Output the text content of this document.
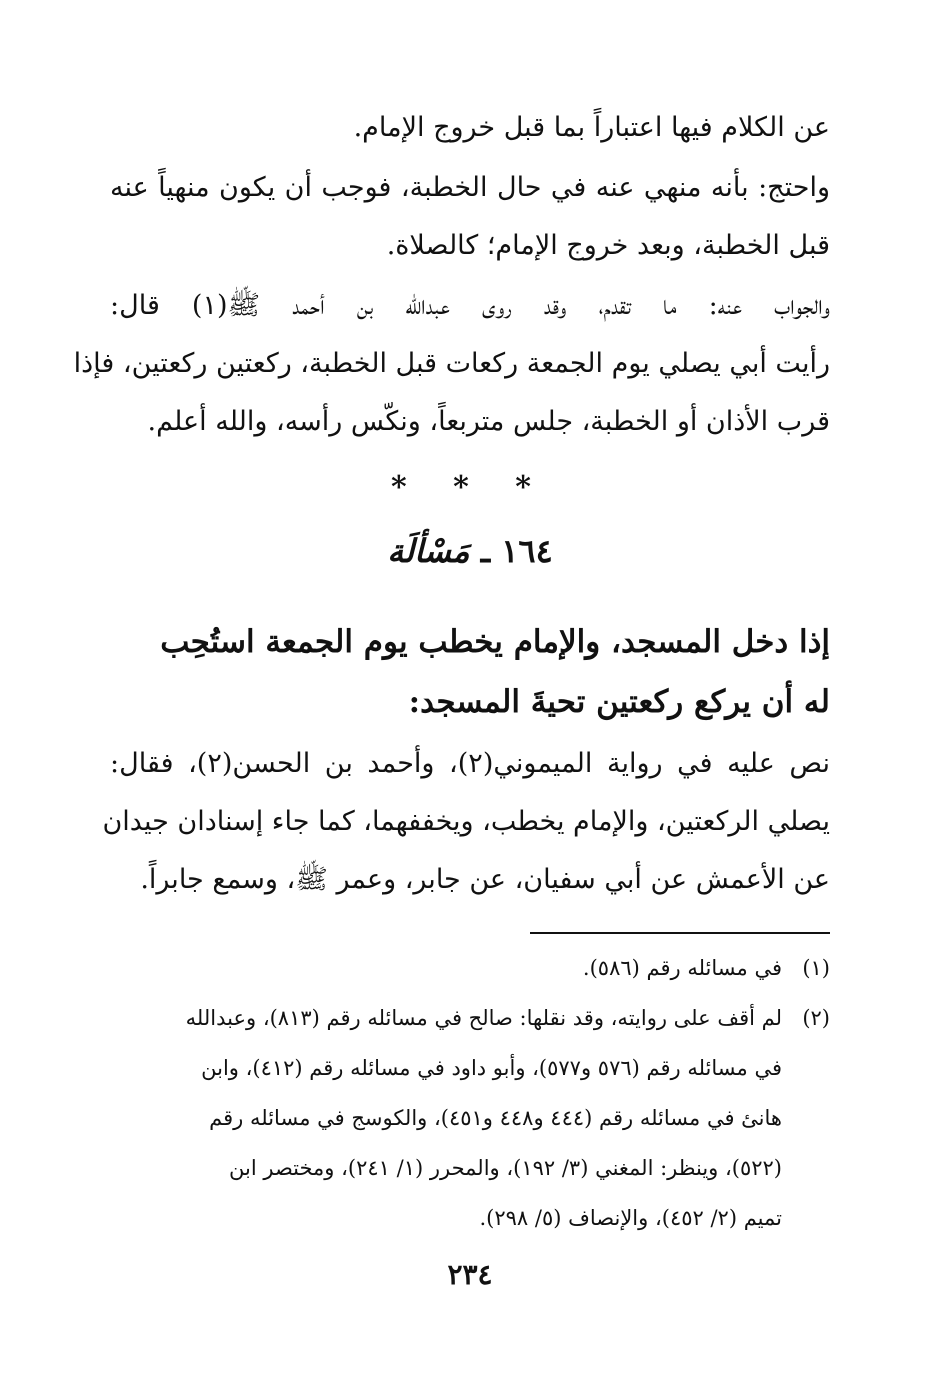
عن الكلام فيها اعتباراً بما قبل خروج الإمام.
واحتج: بأنه منهي عنه في حال الخطبة، فوجب أن يكون منهياً عنه
قبل الخطبة، وبعد خروج الإمام؛ كالصلاة.
والجواب عنه: ما تقدم، وقد روى عبدالله بن أحمد ﷺ(١) قال:
رأيت أبي يصلي يوم الجمعة ركعات قبل الخطبة، ركعتين ركعتين، فإذا
قرب الأذان أو الخطبة، جلس متربعاً، ونكّس رأسه، والله أعلم.
* * *
١٦٤ ـ مَسْألَة
إذا دخل المسجد، والإمام يخطب يوم الجمعة استُحِب
له أن يركع ركعتين تحيةَ المسجد:
نص عليه في رواية الميموني(٢)، وأحمد بن الحسن(٢)، فقال:
يصلي الركعتين، والإمام يخطب، ويخففهما، كما جاء إسنادان جيدان
عن الأعمش عن أبي سفيان، عن جابر، وعمر ﷺ، وسمع جابراً.
(١)في مسائله رقم (٥٨٦).
(٢)لم أقف على روايته، وقد نقلها: صالح في مسائله رقم (٨١٣)، وعبدالله
في مسائله رقم (٥٧٦ و٥٧٧)، وأبو داود في مسائله رقم (٤١٢)، وابن
هانئ في مسائله رقم (٤٤٤ و٤٤٨ و٤٥١)، والكوسج في مسائله رقم
(٥٢٢)، وينظر: المغني (٣/ ١٩٢)، والمحرر (١/ ٢٤١)، ومختصر ابن
تميم (٢/ ٤٥٢)، والإنصاف (٥/ ٢٩٨).
٢٣٤
